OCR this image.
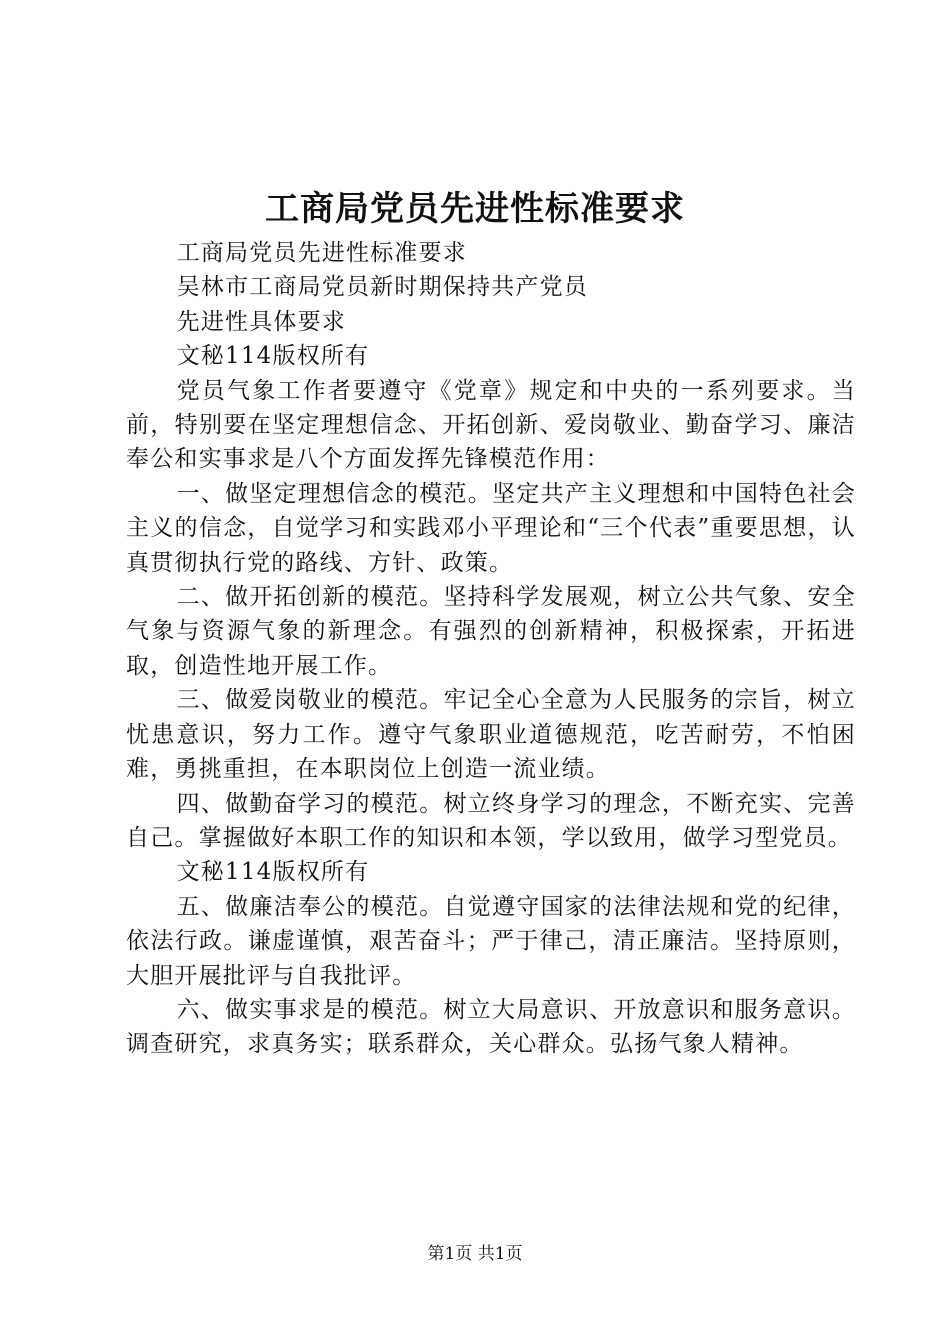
工商局党员先进性标准要求

工商局党员先进性标准要求

吴林市工商局党员新时期保持共产党员

先进性具体要求

文秘114版权所有

党员气象工作者要遵守《党章》规定和中央的一系列要求。当前，特别要在坚定理想信念、开拓创新、爱岗敬业、勤奋学习、廉洁奉公和实事求是八个方面发挥先锋模范作用：

一、做坚定理想信念的模范。坚定共产主义理想和中国特色社会主义的信念，自觉学习和实践邓小平理论和“三个代表”重要思想，认真贯彻执行党的路线、方针、政策。

二、做开拓创新的模范。坚持科学发展观，树立公共气象、安全气象与资源气象的新理念。有强烈的创新精神，积极探索，开拓进取，创造性地开展工作。

三、做爱岗敬业的模范。牢记全心全意为人民服务的宗旨，树立忧患意识，努力工作。遵守气象职业道德规范，吃苦耐劳，不怕困难，勇挑重担，在本职岗位上创造一流业绩。

四、做勤奋学习的模范。树立终身学习的理念，不断充实、完善自己。掌握做好本职工作的知识和本领，学以致用，做学习型党员。

文秘114版权所有

五、做廉洁奉公的模范。自觉遵守国家的法律法规和党的纪律，依法行政。谦虚谨慎，艰苦奋斗；严于律己，清正廉洁。坚持原则，大胆开展批评与自我批评。

六、做实事求是的模范。树立大局意识、开放意识和服务意识。调查研究，求真务实；联系群众，关心群众。弘扬气象人精神。

第1页 共1页
